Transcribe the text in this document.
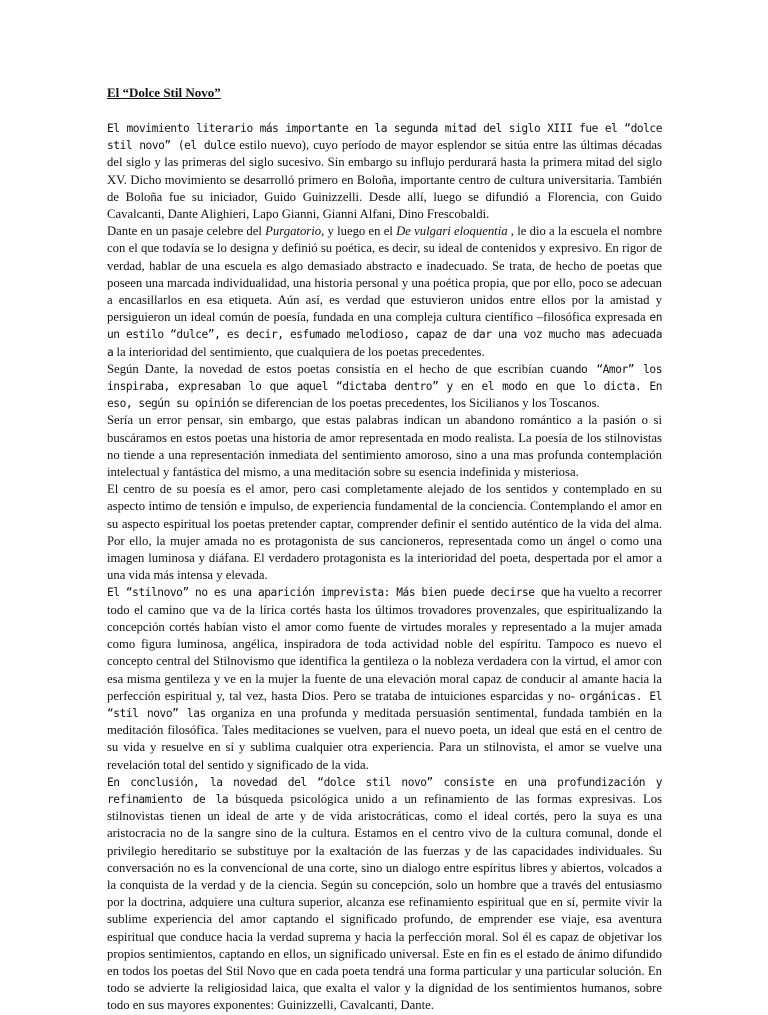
El “Dolce Stil Novo”

El movimiento literario más importante en la segunda mitad del siglo XIII fue el “dolce stil novo” (el dulce estilo nuevo), cuyo período de mayor esplendor se sitúa entre las últimas décadas del siglo y las primeras del siglo sucesivo. Sin embargo su influjo perdurará hasta la primera mitad del siglo XV. Dicho movimiento se desarrolló primero en Boloña, importante centro de cultura universitaria. También de Boloña fue su iniciador, Guido Guinizzelli. Desde allí, luego se difundió a Florencia, con Guido Cavalcanti, Dante Alighieri, Lapo Gianni, Gianni Alfani, Dino Frescobaldi.

Dante en un pasaje celebre del Purgatorio, y luego en el De vulgari eloquentia , le dio a la escuela el nombre con el que todavía se lo designa y definió su poética, es decir, su ideal de contenidos y expresivo. En rigor de verdad, hablar de una escuela es algo demasiado abstracto e inadecuado. Se trata, de hecho de poetas que poseen una marcada individualidad, una historia personal y una poética propia, que por ello, poco se adecuan a encasillarlos en esa etiqueta. Aún así, es verdad que estuvieron unidos entre ellos por la amistad y persiguieron un ideal común de poesía, fundada en una compleja cultura científico –filosófica expresada en un estilo “dulce”, es decir, esfumado melodioso, capaz de dar una voz mucho mas adecuada a la interioridad del sentimiento, que cualquiera de los poetas precedentes.

Según Dante, la novedad de estos poetas consistía en el hecho de que escribían cuando “Amor” los inspiraba, expresaban lo que aquel “dictaba dentro” y en el modo en que lo dicta. En eso, según su opinión se diferencian de los poetas precedentes, los Sicilianos y los Toscanos.

Sería un error pensar, sin embargo, que estas palabras indican un abandono romántico a la pasión o si buscáramos en estos poetas una historia de amor representada en modo realista. La poesía de los stilnovistas no tiende a una representación inmediata del sentimiento amoroso, sino a una mas profunda contemplación intelectual y fantástica del mismo, a una meditación sobre su esencia indefinida y misteriosa.

El centro de su poesía es el amor, pero casi completamente alejado de los sentidos y contemplado en su aspecto intimo de tensión e impulso, de experiencia fundamental de la conciencia. Contemplando el amor en su aspecto espiritual los poetas pretender captar, comprender definir el sentido auténtico de la vida del alma. Por ello, la mujer amada no es protagonista de sus cancioneros, representada como un ángel o como una imagen luminosa y diáfana. El verdadero protagonista es la interioridad del poeta, despertada por el amor a una vida más intensa y elevada.

El “stilnovo” no es una aparición imprevista: Más bien puede decirse que ha vuelto a recorrer todo el camino que va de la lírica cortés hasta los últimos trovadores provenzales, que espiritualizando la concepción cortés habían visto el amor como fuente de virtudes morales y representado a la mujer amada como figura luminosa, angélica, inspiradora de toda actividad noble del espíritu. Tampoco es nuevo el concepto central del Stilnovismo que identifica la gentileza o la nobleza verdadera con la virtud, el amor con esa misma gentileza y ve en la mujer la fuente de una elevación moral capaz de conducir al amante hacia la perfección espiritual y, tal vez, hasta Dios. Pero se trataba de intuiciones esparcidas y no- orgánicas. El “stil novo” las organiza en una profunda y meditada persuasión sentimental, fundada también en la meditación filosófica. Tales meditaciones se vuelven, para el nuevo poeta, un ideal que está en el centro de su vida y resuelve en sí y sublima cualquier otra experiencia. Para un stilnovista, el amor se vuelve una revelación total del sentido y significado de la vida.

En conclusión, la novedad del “dolce stil novo” consiste en una profundización y refinamiento de la búsqueda psicológica unido a un refinamiento de las formas expresivas. Los stilnovistas tienen un ideal de arte y de vida aristocráticas, como el ideal cortés, pero la suya es una aristocracia no de la sangre sino de la cultura. Estamos en el centro vivo de la cultura comunal, donde el privilegio hereditario se substituye por la exaltación de las fuerzas y de las capacidades individuales. Su conversación no es la convencional de una corte, sino un dialogo entre espíritus libres y abiertos, volcados a la conquista de la verdad y de la ciencia. Según su concepción, solo un hombre que a través del entusiasmo por la doctrina, adquiere una cultura superior, alcanza ese refinamiento espiritual que en sí, permite vivir la sublime experiencia del amor captando el significado profundo, de emprender ese viaje, esa aventura espiritual que conduce hacia la verdad suprema y hacia la perfección moral. Sol él es capaz de objetivar los propios sentimientos, captando en ellos, un significado universal. Este en fin es el estado de ánimo difundido en todos los poetas del Stil Novo que en cada poeta tendrá una forma particular y una particular solución. En todo se advierte la religiosidad laica, que exalta el valor y la dignidad de los sentimientos humanos, sobre todo en sus mayores exponentes: Guinizzelli, Cavalcanti, Dante.
